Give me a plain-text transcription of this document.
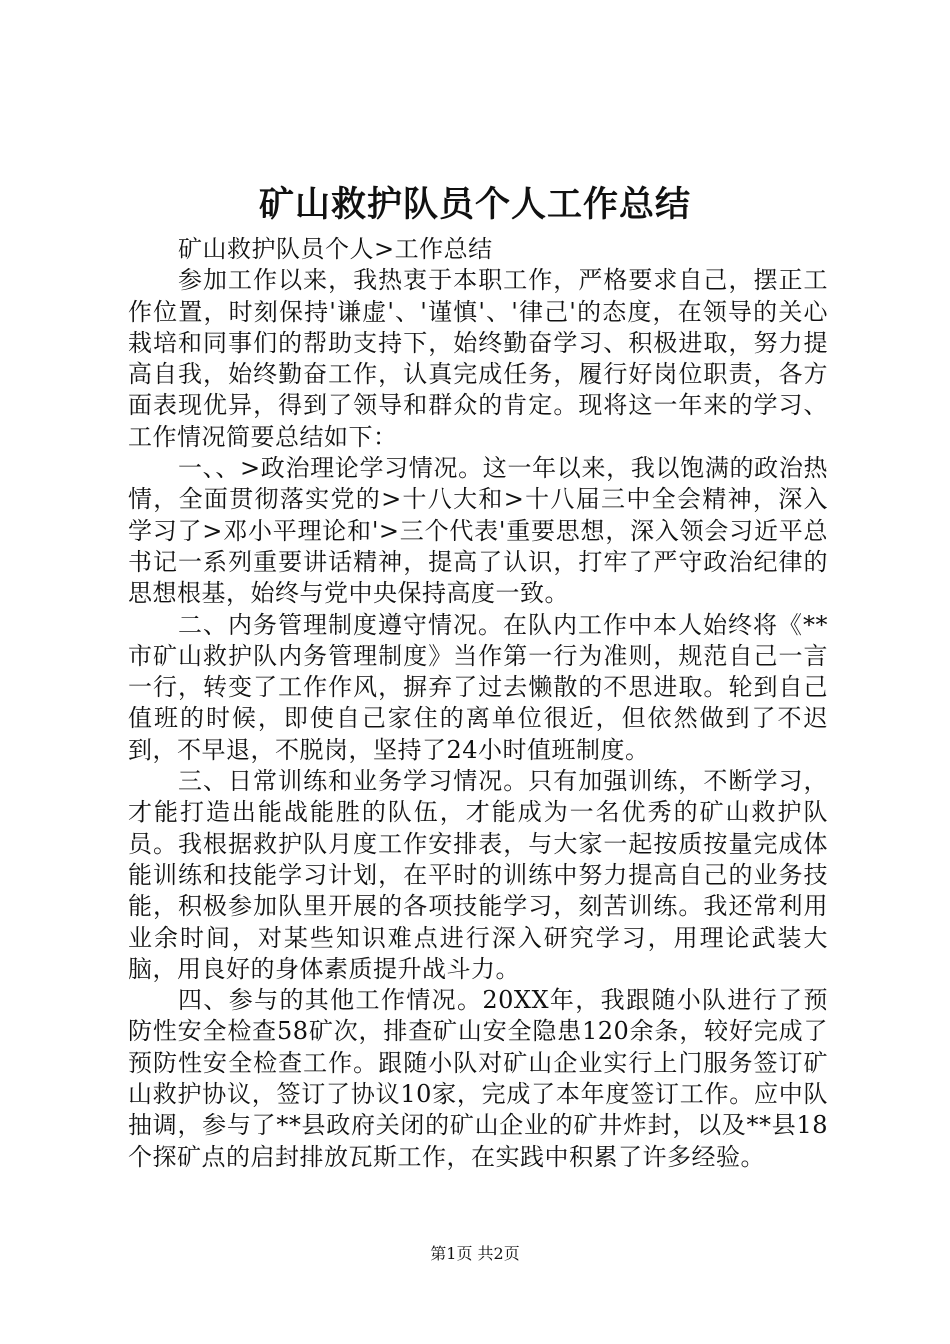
矿山救护队员个人工作总结

矿山救护队员个人>工作总结

参加工作以来，我热衷于本职工作，严格要求自己，摆正工作位置，时刻保持'谦虚'、'谨慎'、'律己'的态度，在领导的关心栽培和同事们的帮助支持下，始终勤奋学习、积极进取，努力提高自我，始终勤奋工作，认真完成任务，履行好岗位职责，各方面表现优异，得到了领导和群众的肯定。现将这一年来的学习、工作情况简要总结如下：

一、、>政治理论学习情况。这一年以来，我以饱满的政治热情，全面贯彻落实党的>十八大和>十八届三中全会精神，深入学习了>邓小平理论和'>三个代表'重要思想，深入领会习近平总书记一系列重要讲话精神，提高了认识，打牢了严守政治纪律的思想根基，始终与党中央保持高度一致。

二、内务管理制度遵守情况。在队内工作中本人始终将《**市矿山救护队内务管理制度》当作第一行为准则，规范自己一言一行，转变了工作作风，摒弃了过去懒散的不思进取。轮到自己值班的时候，即使自己家住的离单位很近，但依然做到了不迟到，不早退，不脱岗，坚持了24小时值班制度。

三、日常训练和业务学习情况。只有加强训练，不断学习，才能打造出能战能胜的队伍，才能成为一名优秀的矿山救护队员。我根据救护队月度工作安排表，与大家一起按质按量完成体能训练和技能学习计划，在平时的训练中努力提高自己的业务技能，积极参加队里开展的各项技能学习，刻苦训练。我还常利用业余时间，对某些知识难点进行深入研究学习，用理论武装大脑，用良好的身体素质提升战斗力。

四、参与的其他工作情况。20XX年，我跟随小队进行了预防性安全检查58矿次，排查矿山安全隐患120余条，较好完成了预防性安全检查工作。跟随小队对矿山企业实行上门服务签订矿山救护协议，签订了协议10家，完成了本年度签订工作。应中队抽调，参与了**县政府关闭的矿山企业的矿井炸封，以及**县18个探矿点的启封排放瓦斯工作，在实践中积累了许多经验。

第1页 共2页
